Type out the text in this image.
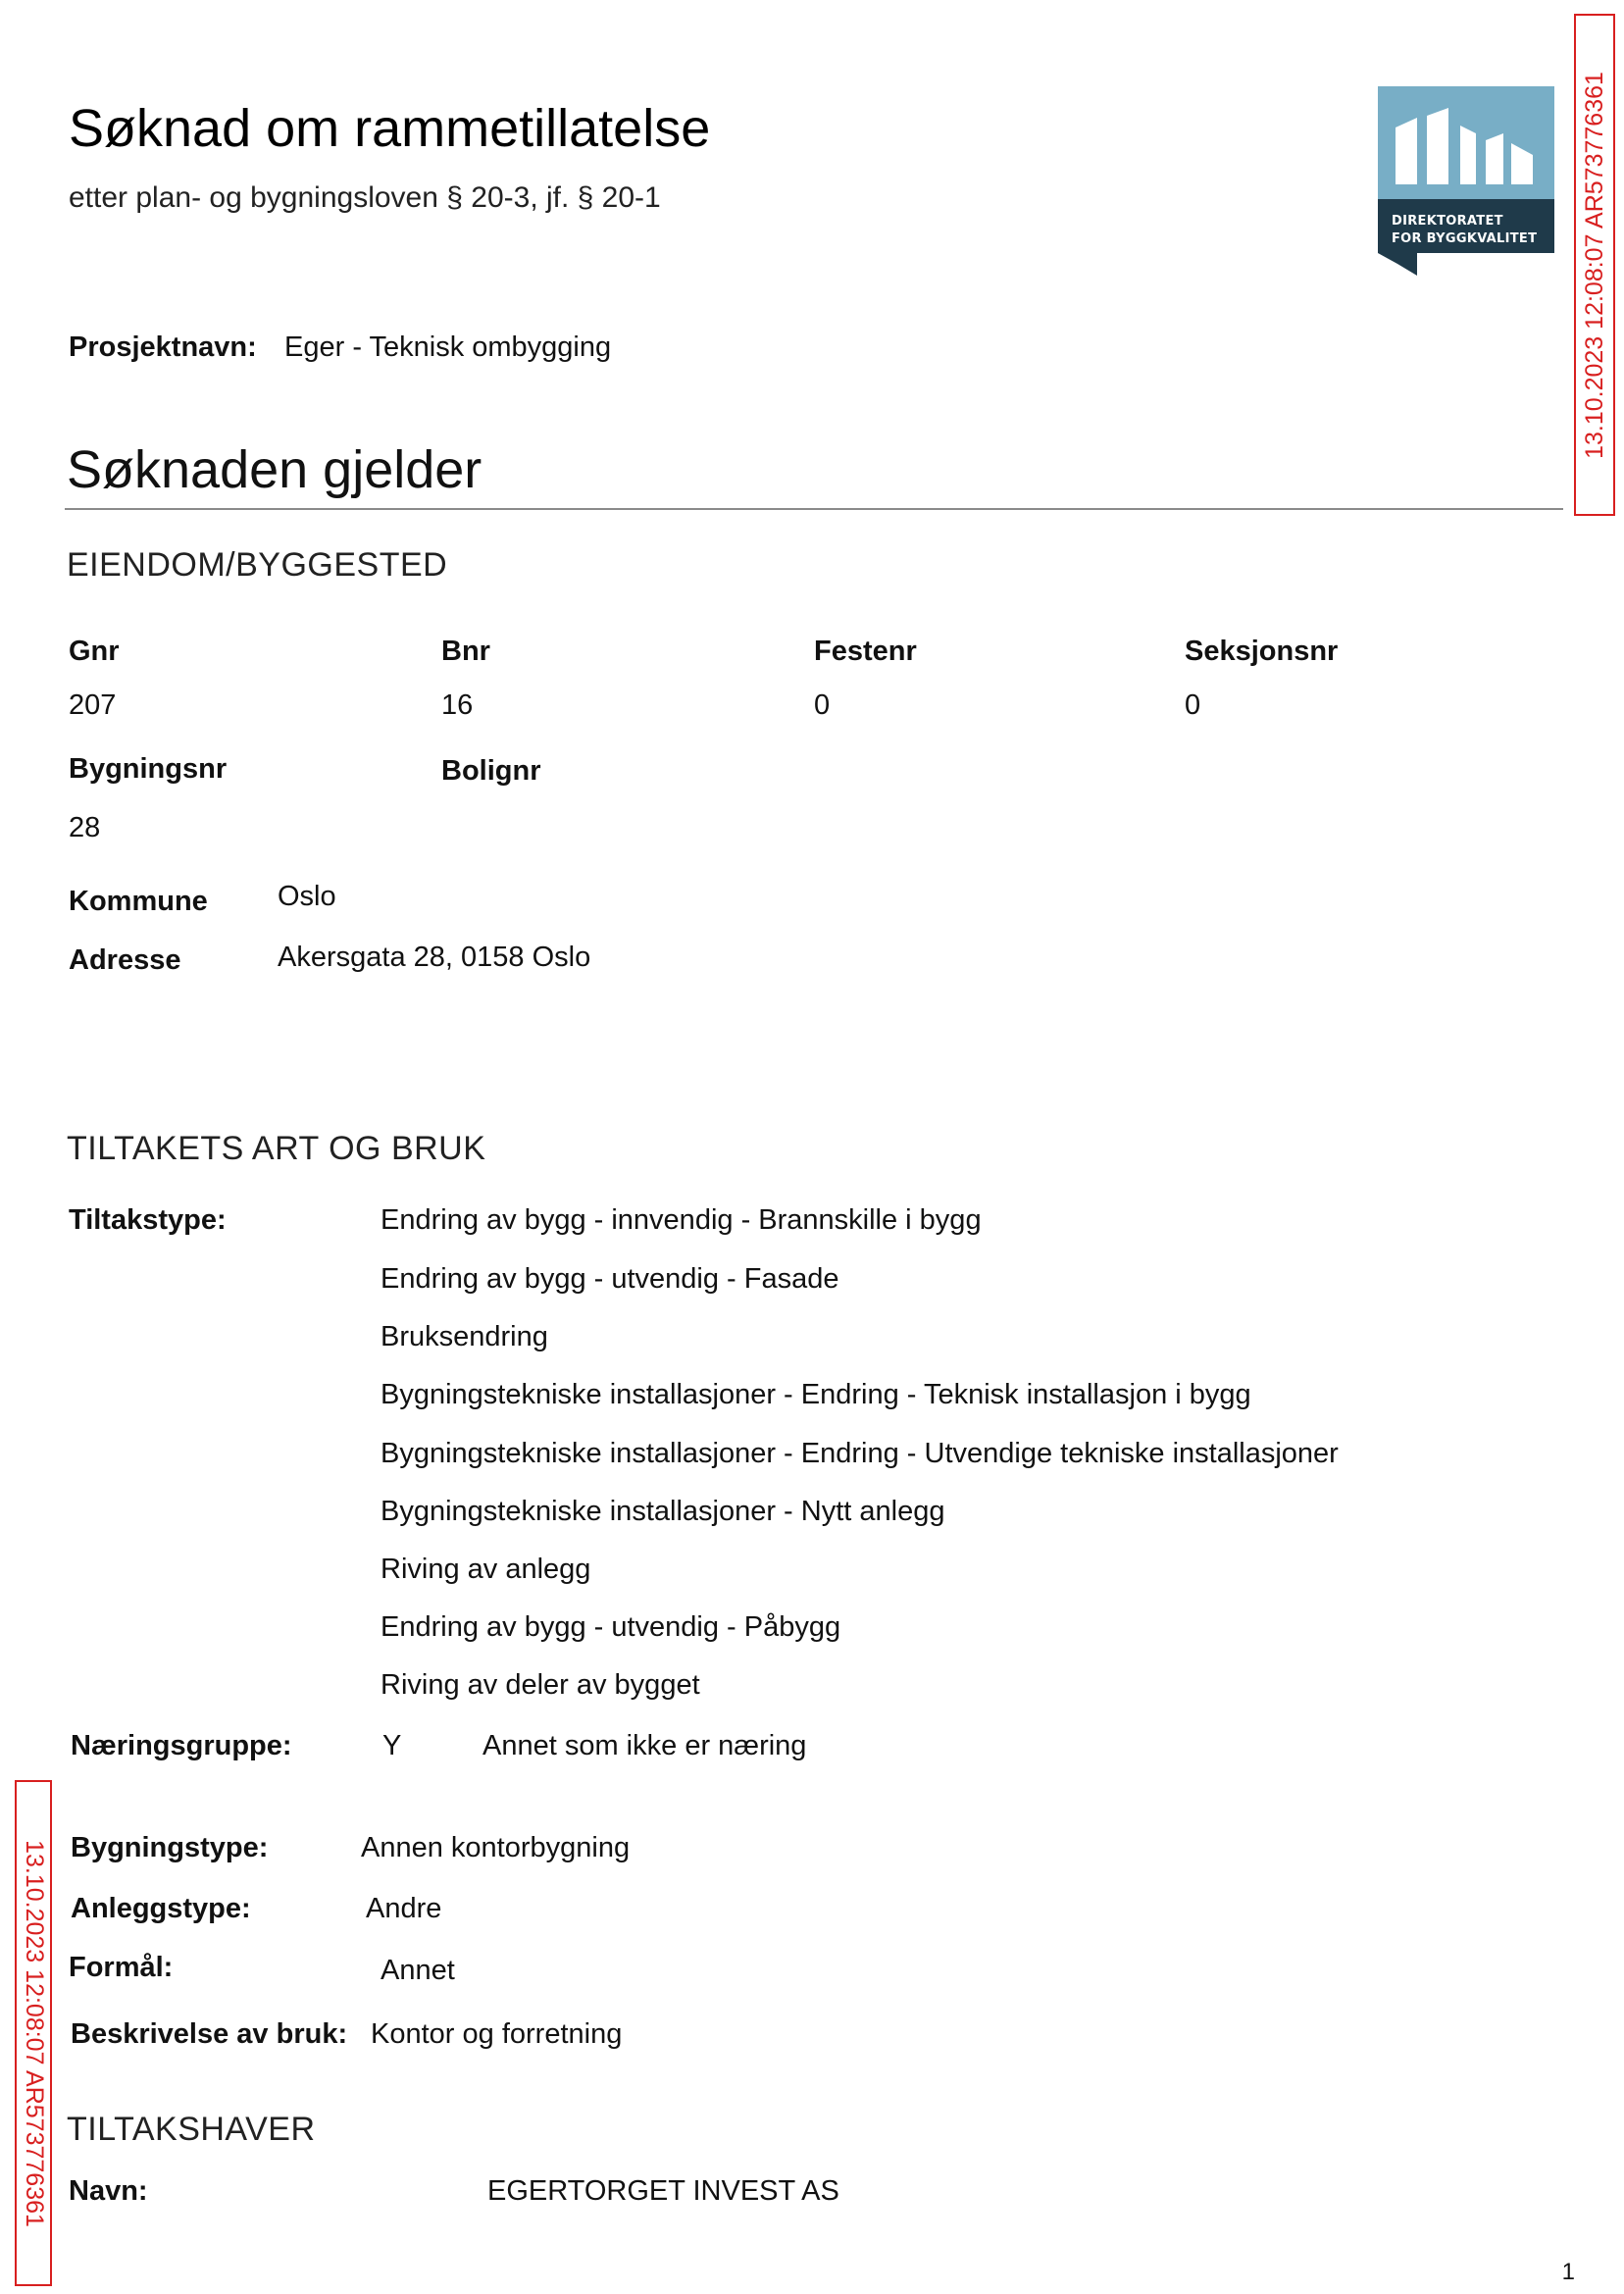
Søknad om rammetillatelse
etter plan- og bygningsloven § 20-3, jf. § 20-1
DIREKTORATET
FOR BYGGKVALITET 13.10.2023 12:08:07 AR573776361
13.10.2023 12:08:07 AR573776361
Prosjektnavn: Eger - Teknisk ombygging
Søknaden gjelder
EIENDOM/BYGGESTED
Gnr	Bnr	Festenr	Seksjonsnr
207	16	0	0
Bygningsnr	Bolignr
28
Kommune Oslo
Adresse	Akersgata 28, 0158 Oslo
TILTAKETS ART OG BRUK
Tiltakstype:	Endring av bygg - innvendig - Brannskille i bygg
Endring av bygg - utvendig - Fasade
Bruksendring
Bygningstekniske installasjoner - Endring - Teknisk installasjon i bygg
Bygningstekniske installasjoner - Endring - Utvendige tekniske installasjoner
Bygningstekniske installasjoner - Nytt anlegg
Riving av anlegg
Endring av bygg - utvendig - Påbygg
Riving av deler av bygget
Næringsgruppe:	Y	Annet som ikke er næring
Bygningstype:	Annen kontorbygning
Anleggstype:	Andre
Formål:	Annet
Beskrivelse av bruk: Kontor og forretning
TILTAKSHAVER
Navn:	EGERTORGET INVEST AS
1
